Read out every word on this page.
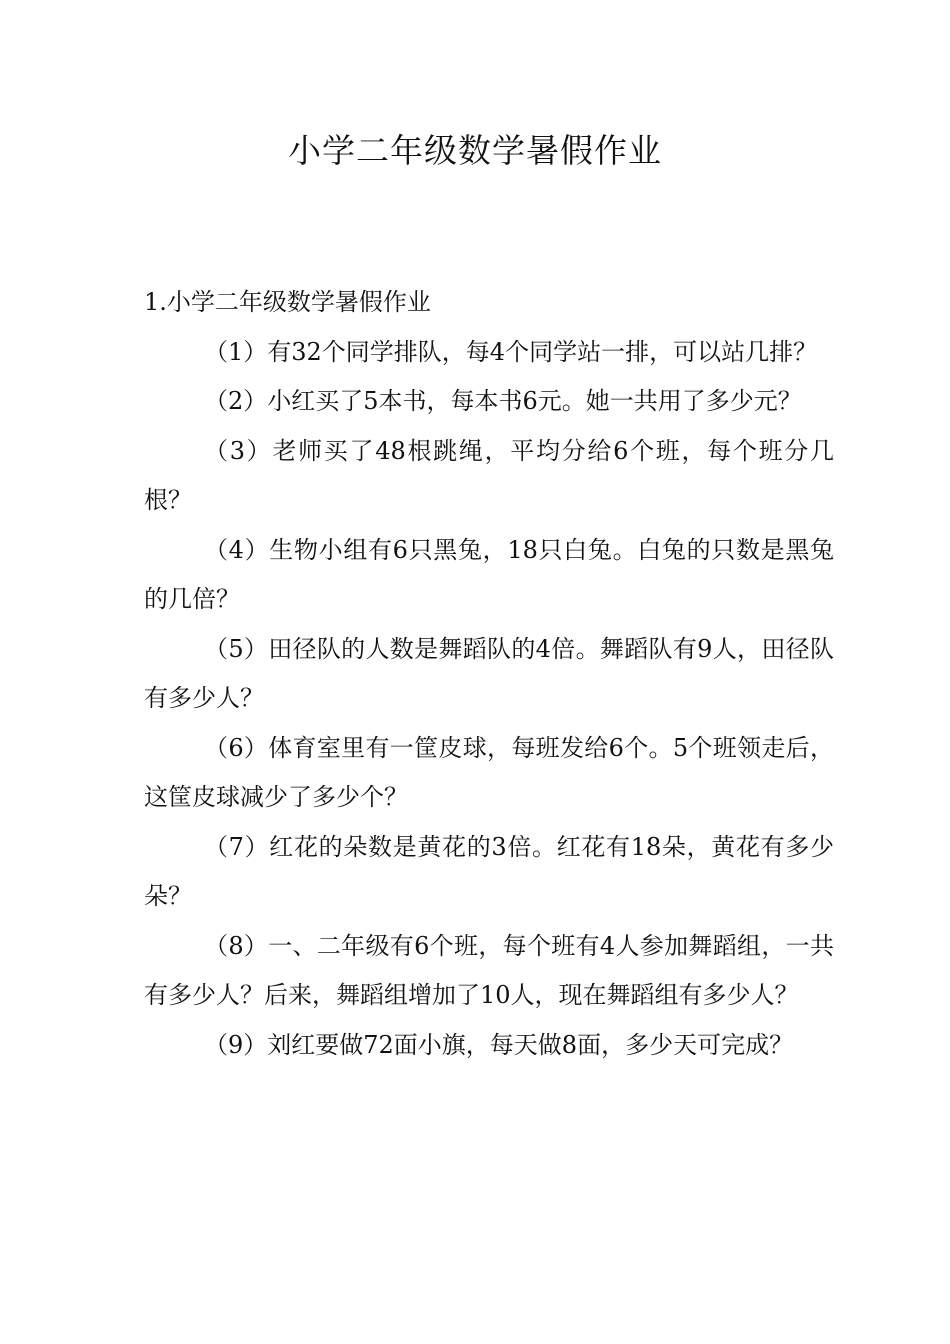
小学二年级数学暑假作业

1.小学二年级数学暑假作业

（1）有32个同学排队，每4个同学站一排，可以站几排？

（2）小红买了5本书，每本书6元。她一共用了多少元？

（3）老师买了48根跳绳，平均分给6个班，每个班分几根？

（4）生物小组有6只黑兔，18只白兔。白兔的只数是黑兔的几倍？

（5）田径队的人数是舞蹈队的4倍。舞蹈队有9人，田径队有多少人？

（6）体育室里有一筐皮球，每班发给6个。5个班领走后，这筐皮球减少了多少个？

（7）红花的朵数是黄花的3倍。红花有18朵，黄花有多少朵？

（8）一、二年级有6个班，每个班有4人参加舞蹈组，一共有多少人？后来，舞蹈组增加了10人，现在舞蹈组有多少人？

（9）刘红要做72面小旗，每天做8面，多少天可完成？
